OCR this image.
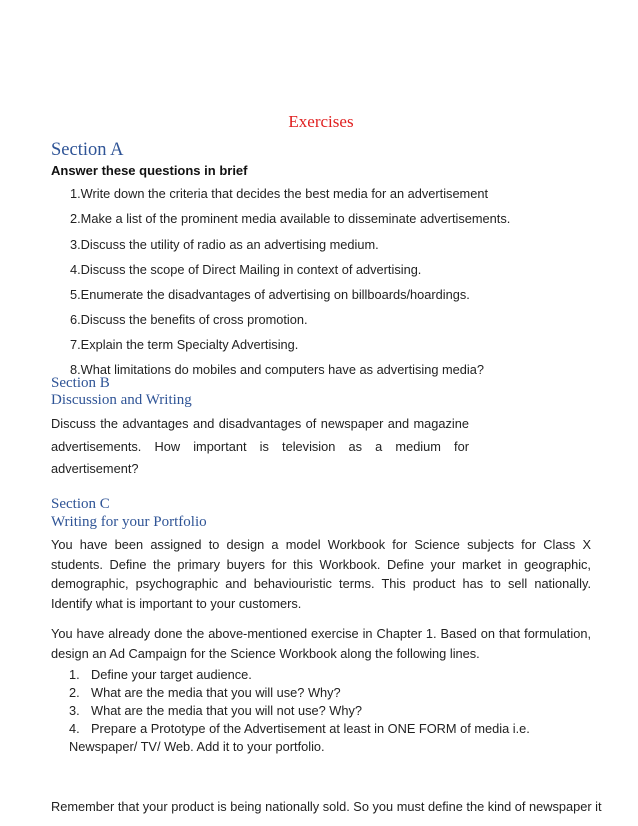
Exercises
Section A
Answer these questions in brief
1.Write down the criteria that decides the best media for an advertisement
2.Make a list of the prominent media available to disseminate advertisements.
3.Discuss the utility of radio as an advertising medium.
4.Discuss the scope of Direct Mailing in context of advertising.
5.Enumerate the disadvantages of advertising on billboards/hoardings.
6.Discuss the benefits of cross promotion.
7.Explain the term Specialty Advertising.
8.What limitations do mobiles and computers have as advertising media?
Section B
Discussion and Writing
Discuss the advantages and disadvantages of newspaper and magazine advertisements. How important is television as a medium for advertisement?
Section C
Writing for your Portfolio
You have been assigned to design a model Workbook for Science subjects for Class X students. Define the primary buyers for this Workbook. Define your market in geographic, demographic, psychographic and behaviouristic terms. This product has to sell nationally. Identify what is important to your customers.
You have already done the above-mentioned exercise in Chapter 1. Based on that formulation, design an Ad Campaign for the Science Workbook along the following lines.
1. Define your target audience.
2. What are the media that you will use? Why?
3. What are the media that you will not use? Why?
4. Prepare a Prototype of the Advertisement at least in ONE FORM of media i.e.
Newspaper/ TV/ Web. Add it to your portfolio.
Remember that your product is being nationally sold. So you must define the kind of newspaper it
